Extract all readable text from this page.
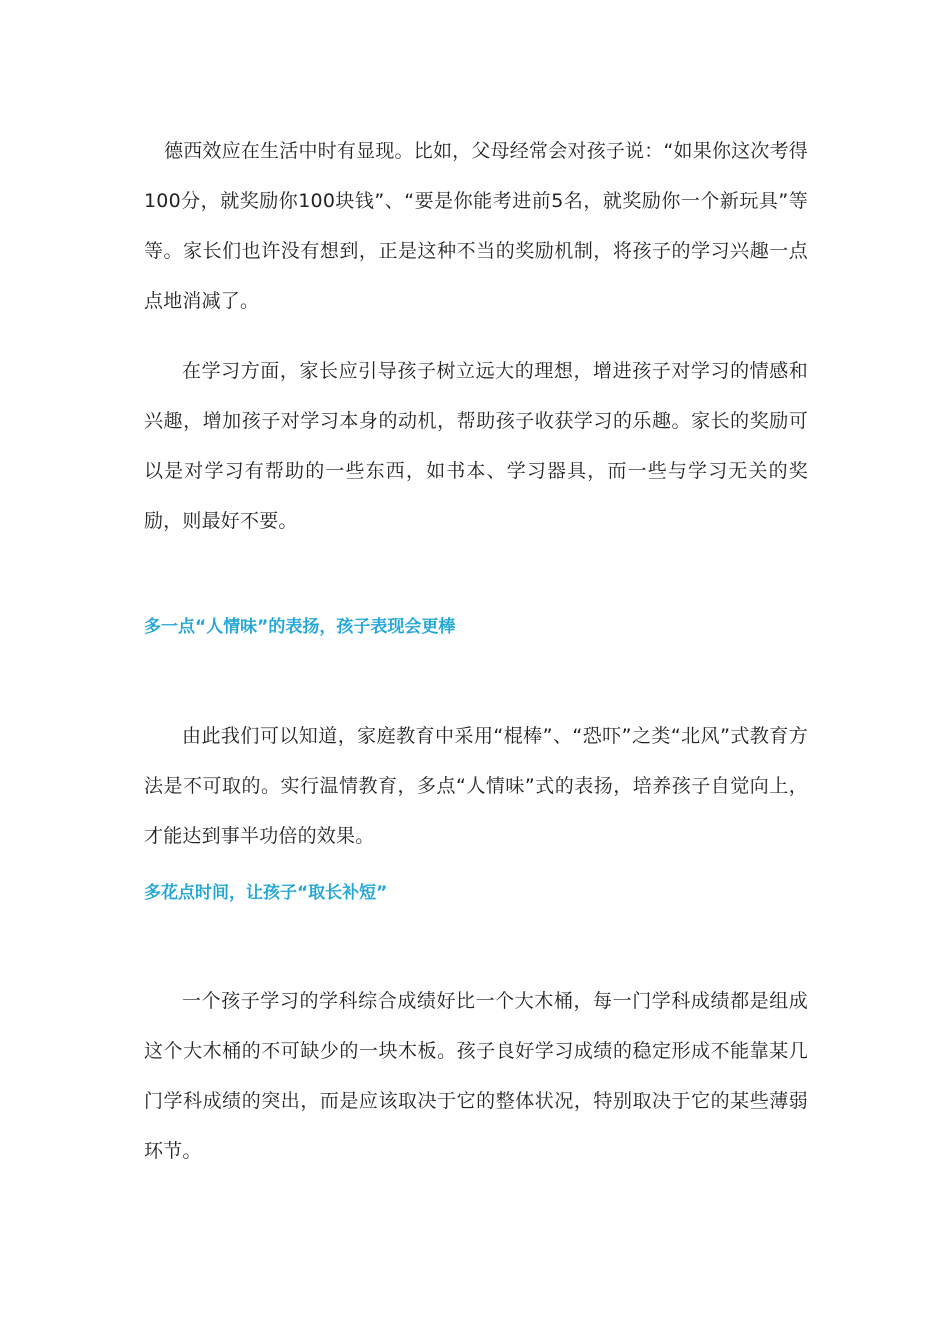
德西效应在生活中时有显现。比如，父母经常会对孩子说：“如果你这次考得100分，就奖励你100块钱”、“要是你能考进前5名，就奖励你一个新玩具”等等。家长们也许没有想到，正是这种不当的奖励机制，将孩子的学习兴趣一点点地消减了。

在学习方面，家长应引导孩子树立远大的理想，增进孩子对学习的情感和兴趣，增加孩子对学习本身的动机，帮助孩子收获学习的乐趣。家长的奖励可以是对学习有帮助的一些东西，如书本、学习器具，而一些与学习无关的奖励，则最好不要。

多一点“人情味”的表扬，孩子表现会更棒

由此我们可以知道，家庭教育中采用“棍棒”、“恐吓”之类“北风”式教育方法是不可取的。实行温情教育，多点“人情味”式的表扬，培养孩子自觉向上，才能达到事半功倍的效果。

多花点时间，让孩子“取长补短”

一个孩子学习的学科综合成绩好比一个大木桶，每一门学科成绩都是组成这个大木桶的不可缺少的一块木板。孩子良好学习成绩的稳定形成不能靠某几门学科成绩的突出，而是应该取决于它的整体状况，特别取决于它的某些薄弱环节。
